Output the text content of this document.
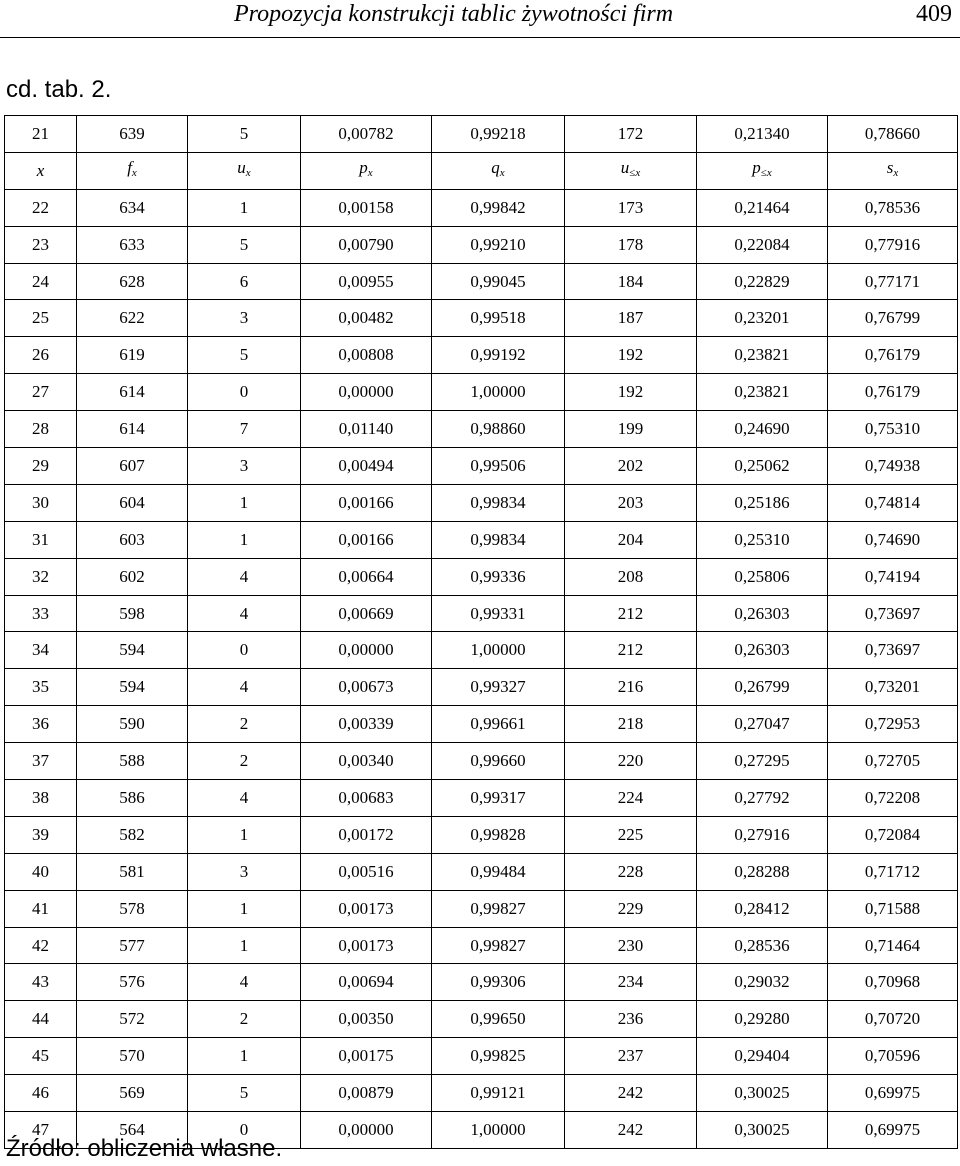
Propozycja konstrukcji tablic żywotności firm	409
cd. tab. 2.
21	639	5	0,00782	0,99218	172	0,21340	0,78660
x	$f_x$	$u_x$	$p_x$	$q_x$	$u_{\le x}$	$p_{\le x}$	$s_x$
22	634	1	0,00158	0,99842	173	0,21464	0,78536
23	633	5	0,00790	0,99210	178	0,22084	0,77916
24	628	6	0,00955	0,99045	184	0,22829	0,77171
25	622	3	0,00482	0,99518	187	0,23201	0,76799
26	619	5	0,00808	0,99192	192	0,23821	0,76179
27	614	0	0,00000	1,00000	192	0,23821	0,76179
28	614	7	0,01140	0,98860	199	0,24690	0,75310
29	607	3	0,00494	0,99506	202	0,25062	0,74938
30	604	1	0,00166	0,99834	203	0,25186	0,74814
31	603	1	0,00166	0,99834	204	0,25310	0,74690
32	602	4	0,00664	0,99336	208	0,25806	0,74194
33	598	4	0,00669	0,99331	212	0,26303	0,73697
34	594	0	0,00000	1,00000	212	0,26303	0,73697
35	594	4	0,00673	0,99327	216	0,26799	0,73201
36	590	2	0,00339	0,99661	218	0,27047	0,72953
37	588	2	0,00340	0,99660	220	0,27295	0,72705
38	586	4	0,00683	0,99317	224	0,27792	0,72208
39	582	1	0,00172	0,99828	225	0,27916	0,72084
40	581	3	0,00516	0,99484	228	0,28288	0,71712
41	578	1	0,00173	0,99827	229	0,28412	0,71588
42	577	1	0,00173	0,99827	230	0,28536	0,71464
43	576	4	0,00694	0,99306	234	0,29032	0,70968
44	572	2	0,00350	0,99650	236	0,29280	0,70720
45	570	1	0,00175	0,99825	237	0,29404	0,70596
46	569	5	0,00879	0,99121	242	0,30025	0,69975
47	564	0	0,00000	1,00000	242	0,30025	0,69975
Źródło: obliczenia własne.
